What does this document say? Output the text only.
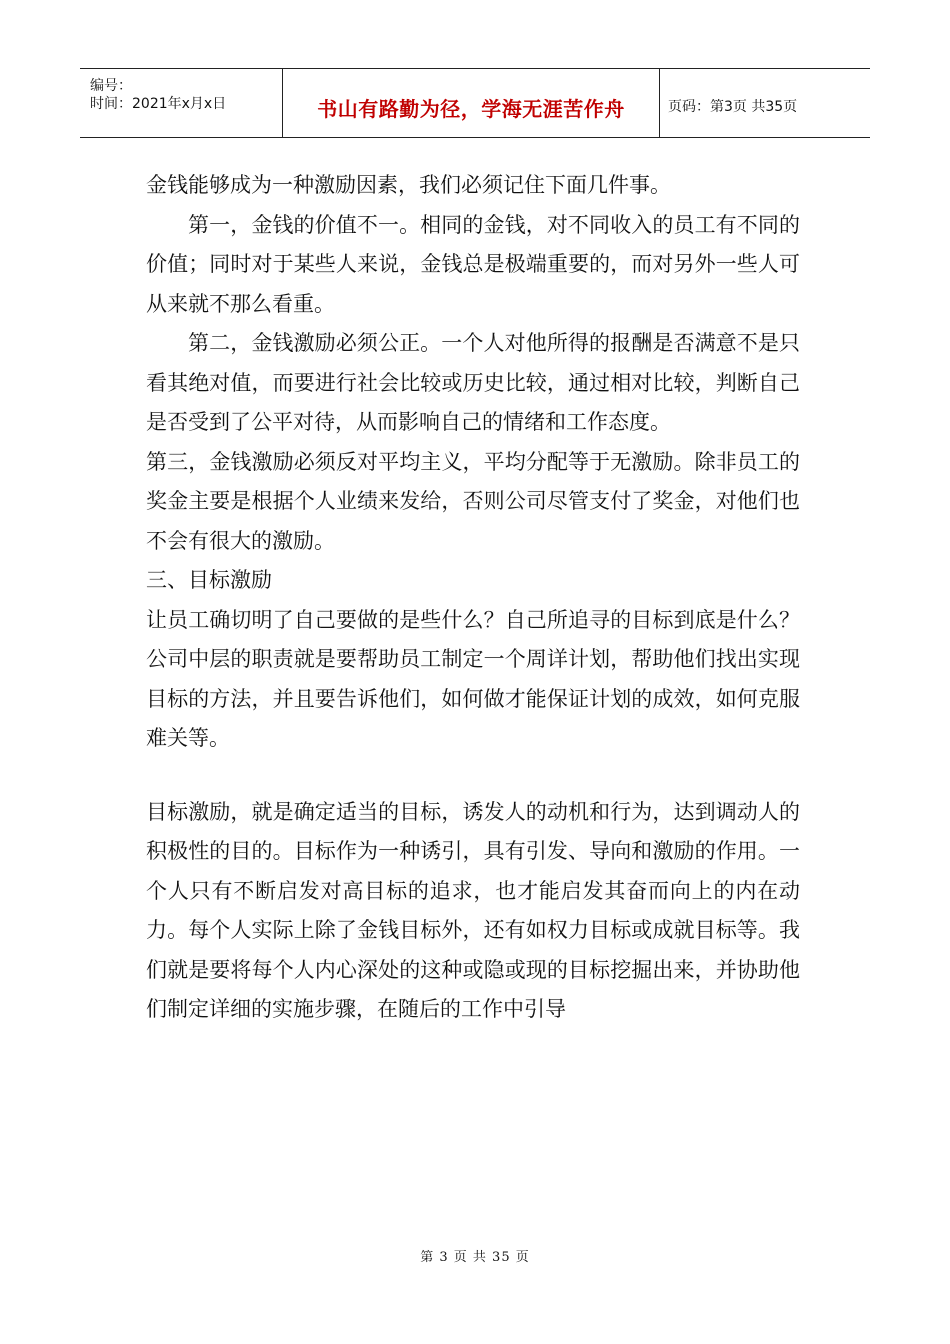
编号：
时间：2021年x月x日	书山有路勤为径，学海无涯苦作舟	页码：第3页 共35页

金钱能够成为一种激励因素，我们必须记住下面几件事。

第一，金钱的价值不一。相同的金钱，对不同收入的员工有不同的价值；同时对于某些人来说，金钱总是极端重要的，而对另外一些人可从来就不那么看重。

第二，金钱激励必须公正。一个人对他所得的报酬是否满意不是只看其绝对值，而要进行社会比较或历史比较，通过相对比较，判断自己是否受到了公平对待，从而影响自己的情绪和工作态度。

第三，金钱激励必须反对平均主义，平均分配等于无激励。除非员工的奖金主要是根据个人业绩来发给，否则公司尽管支付了奖金，对他们也不会有很大的激励。

三、目标激励

让员工确切明了自己要做的是些什么？自己所追寻的目标到底是什么？公司中层的职责就是要帮助员工制定一个周详计划，帮助他们找出实现目标的方法，并且要告诉他们，如何做才能保证计划的成效，如何克服难关等。

目标激励，就是确定适当的目标，诱发人的动机和行为，达到调动人的积极性的目的。目标作为一种诱引，具有引发、导向和激励的作用。一个人只有不断启发对高目标的追求，也才能启发其奋而向上的内在动力。每个人实际上除了金钱目标外，还有如权力目标或成就目标等。我们就是要将每个人内心深处的这种或隐或现的目标挖掘出来，并协助他们制定详细的实施步骤，在随后的工作中引导

第 3 页 共 35 页
